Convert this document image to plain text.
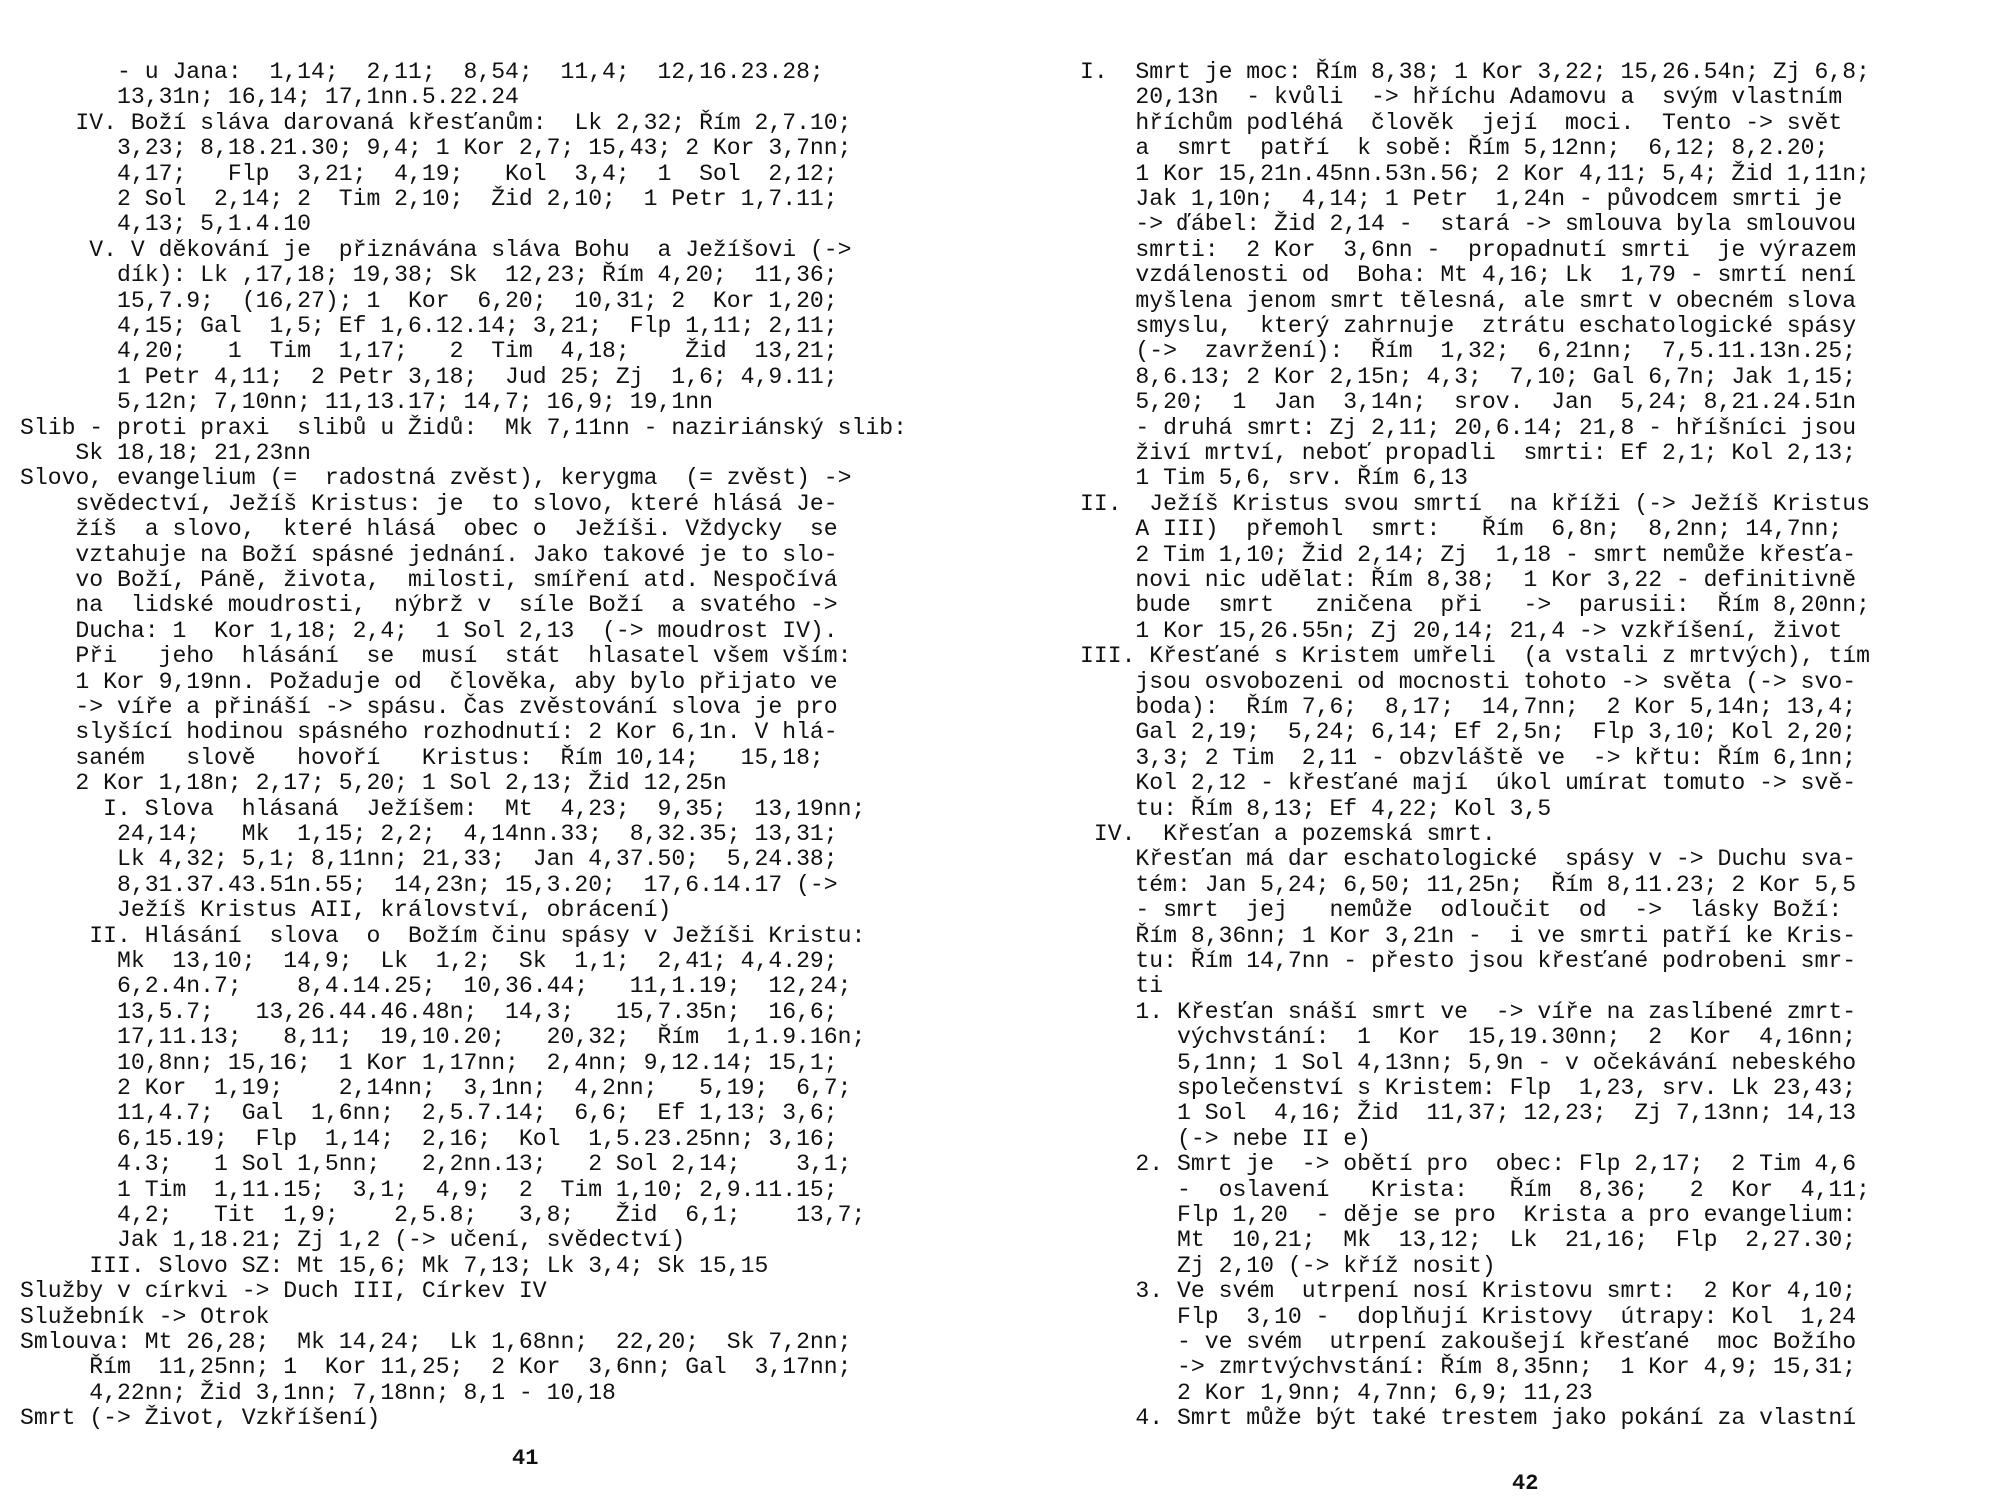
- u Jana:  1,14;  2,11;  8,54;  11,4;  12,16.23.28;
13,31n; 16,14; 17,1nn.5.22.24
IV. Boží sláva darovaná křesťanům:  Lk 2,32; Řím 2,7.10;
3,23; 8,18.21.30; 9,4; 1 Kor 2,7; 15,43; 2 Kor 3,7nn;
4,17;   Flp  3,21;  4,19;   Kol  3,4;  1  Sol  2,12;
2 Sol  2,14; 2  Tim 2,10;  Žid 2,10;  1 Petr 1,7.11;
4,13; 5,1.4.10
V. V děkování je  přiznávána sláva Bohu  a Ježíšovi (->
dík): Lk ,17,18; 19,38; Sk  12,23; Řím 4,20;  11,36;
15,7.9;  (16,27); 1  Kor  6,20;  10,31; 2  Kor 1,20;
4,15; Gal  1,5; Ef 1,6.12.14; 3,21;  Flp 1,11; 2,11;
4,20;   1  Tim  1,17;   2  Tim  4,18;    Žid  13,21;
1 Petr 4,11;  2 Petr 3,18;  Jud 25; Zj  1,6; 4,9.11;
5,12n; 7,10nn; 11,13.17; 14,7; 16,9; 19,1nn
Slib - proti praxi  slibů u Židů:  Mk 7,11nn - naziriánský slib:
Sk 18,18; 21,23nn
Slovo, evangelium (=  radostná zvěst), kerygma  (= zvěst) ->
svědectví, Ježíš Kristus: je  to slovo, které hlásá Je-
žíš  a slovo,  které hlásá  obec o  Ježíši. Vždycky  se
vztahuje na Boží spásné jednání. Jako takové je to slo-
vo Boží, Páně, života,  milosti, smíření atd. Nespočívá
na  lidské moudrosti,  nýbrž v  síle Boží  a svatého ->
Ducha: 1  Kor 1,18; 2,4;  1 Sol 2,13  (-> moudrost IV).
Při   jeho  hlásání  se  musí  stát  hlasatel všem vším:
1 Kor 9,19nn. Požaduje od  člověka, aby bylo přijato ve
-> víře a přináší -> spásu. Čas zvěstování slova je pro
slyšící hodinou spásného rozhodnutí: 2 Kor 6,1n. V hlá-
saném   slově   hovoří   Kristus:  Řím 10,14;   15,18;
2 Kor 1,18n; 2,17; 5,20; 1 Sol 2,13; Žid 12,25n
I. Slova  hlásaná  Ježíšem:  Mt  4,23;  9,35;  13,19nn;
24,14;   Mk  1,15; 2,2;  4,14nn.33;  8,32.35; 13,31;
Lk 4,32; 5,1; 8,11nn; 21,33;  Jan 4,37.50;  5,24.38;
8,31.37.43.51n.55;  14,23n; 15,3.20;  17,6.14.17 (->
Ježíš Kristus AII, království, obrácení)
II. Hlásání  slova  o  Božím činu spásy v Ježíši Kristu:
Mk  13,10;  14,9;  Lk  1,2;  Sk  1,1;  2,41; 4,4.29;
6,2.4n.7;    8,4.14.25;  10,36.44;   11,1.19;  12,24;
13,5.7;   13,26.44.46.48n;  14,3;   15,7.35n;  16,6;
17,11.13;   8,11;  19,10.20;   20,32;  Řím  1,1.9.16n;
10,8nn; 15,16;  1 Kor 1,17nn;  2,4nn; 9,12.14; 15,1;
2 Kor  1,19;    2,14nn;  3,1nn;  4,2nn;   5,19;  6,7;
11,4.7;  Gal  1,6nn;  2,5.7.14;  6,6;  Ef 1,13; 3,6;
6,15.19;  Flp  1,14;  2,16;  Kol  1,5.23.25nn; 3,16;
4.3;   1 Sol 1,5nn;   2,2nn.13;   2 Sol 2,14;    3,1;
1 Tim  1,11.15;  3,1;  4,9;  2  Tim 1,10; 2,9.11.15;
4,2;   Tit  1,9;    2,5.8;   3,8;   Žid  6,1;    13,7;
Jak 1,18.21; Zj 1,2 (-> učení, svědectví)
III. Slovo SZ: Mt 15,6; Mk 7,13; Lk 3,4; Sk 15,15
Služby v církvi -> Duch III, Církev IV
Služebník -> Otrok
Smlouva: Mt 26,28;  Mk 14,24;  Lk 1,68nn;  22,20;  Sk 7,2nn;
Řím  11,25nn; 1  Kor 11,25;  2 Kor  3,6nn; Gal  3,17nn;
4,22nn; Žid 3,1nn; 7,18nn; 8,1 - 10,18
Smrt (-> Život, Vzkříšení)
I.  Smrt je moc: Řím 8,38; 1 Kor 3,22; 15,26.54n; Zj 6,8;
20,13n  - kvůli  -> hříchu Adamovu a  svým vlastním
hříchům podléhá  člověk  její  moci.  Tento -> svět
a  smrt  patří  k sobě: Řím 5,12nn;  6,12; 8,2.20;
1 Kor 15,21n.45nn.53n.56; 2 Kor 4,11; 5,4; Žid 1,11n;
Jak 1,10n;  4,14; 1 Petr  1,24n - původcem smrti je
-> ďábel: Žid 2,14 -  stará -> smlouva byla smlouvou
smrti:  2 Kor  3,6nn -  propadnutí smrti  je výrazem
vzdálenosti od  Boha: Mt 4,16; Lk  1,79 - smrtí není
myšlena jenom smrt tělesná, ale smrt v obecném slova
smyslu,  který zahrnuje  ztrátu eschatologické spásy
(->  zavržení):  Řím  1,32;  6,21nn;  7,5.11.13n.25;
8,6.13; 2 Kor 2,15n; 4,3;  7,10; Gal 6,7n; Jak 1,15;
5,20;  1  Jan  3,14n;  srov.  Jan  5,24; 8,21.24.51n
- druhá smrt: Zj 2,11; 20,6.14; 21,8 - hříšníci jsou
živí mrtví, neboť propadli  smrti: Ef 2,1; Kol 2,13;
1 Tim 5,6, srv. Řím 6,13
II.  Ježíš Kristus svou smrtí  na kříži (-> Ježíš Kristus
A III)  přemohl  smrt:   Řím  6,8n;  8,2nn; 14,7nn;
2 Tim 1,10; Žid 2,14; Zj  1,18 - smrt nemůže křesťa-
novi nic udělat: Řím 8,38;  1 Kor 3,22 - definitivně
bude  smrt   zničena  při   ->  parusii:  Řím 8,20nn;
1 Kor 15,26.55n; Zj 20,14; 21,4 -> vzkříšení, život
III. Křesťané s Kristem umřeli  (a vstali z mrtvých), tím
jsou osvobozeni od mocnosti tohoto -> světa (-> svo-
boda):  Řím 7,6;  8,17;  14,7nn;  2 Kor 5,14n; 13,4;
Gal 2,19;  5,24; 6,14; Ef 2,5n;  Flp 3,10; Kol 2,20;
3,3; 2 Tim  2,11 - obzvláště ve  -> křtu: Řím 6,1nn;
Kol 2,12 - křesťané mají  úkol umírat tomuto -> svě-
tu: Řím 8,13; Ef 4,22; Kol 3,5
IV.  Křesťan a pozemská smrt.
Křesťan má dar eschatologické  spásy v -> Duchu sva-
tém: Jan 5,24; 6,50; 11,25n;  Řím 8,11.23; 2 Kor 5,5
- smrt  jej   nemůže  odloučit  od  ->  lásky Boží:
Řím 8,36nn; 1 Kor 3,21n -  i ve smrti patří ke Kris-
tu: Řím 14,7nn - přesto jsou křesťané podrobeni smr-
ti
1. Křesťan snáší smrt ve  -> víře na zaslíbené zmrt-
výchvstání:  1  Kor  15,19.30nn;  2  Kor  4,16nn;
5,1nn; 1 Sol 4,13nn; 5,9n - v očekávání nebeského
společenství s Kristem: Flp  1,23, srv. Lk 23,43;
1 Sol  4,16; Žid  11,37; 12,23;  Zj 7,13nn; 14,13
(-> nebe II e)
2. Smrt je  -> obětí pro  obec: Flp 2,17;  2 Tim 4,6
-  oslavení   Krista:   Řím  8,36;   2  Kor  4,11;
Flp 1,20  - děje se pro  Krista a pro evangelium:
Mt  10,21;  Mk  13,12;  Lk  21,16;  Flp  2,27.30;
Zj 2,10 (-> kříž nosit)
3. Ve svém  utrpení nosí Kristovu smrt:  2 Kor 4,10;
Flp  3,10 -  doplňují Kristovy  útrapy: Kol  1,24
- ve svém  utrpení zakoušejí křesťané  moc Božího
-> zmrtvýchvstání: Řím 8,35nn;  1 Kor 4,9; 15,31;
2 Kor 1,9nn; 4,7nn; 6,9; 11,23
4. Smrt může být také trestem jako pokání za vlastní
41
42
